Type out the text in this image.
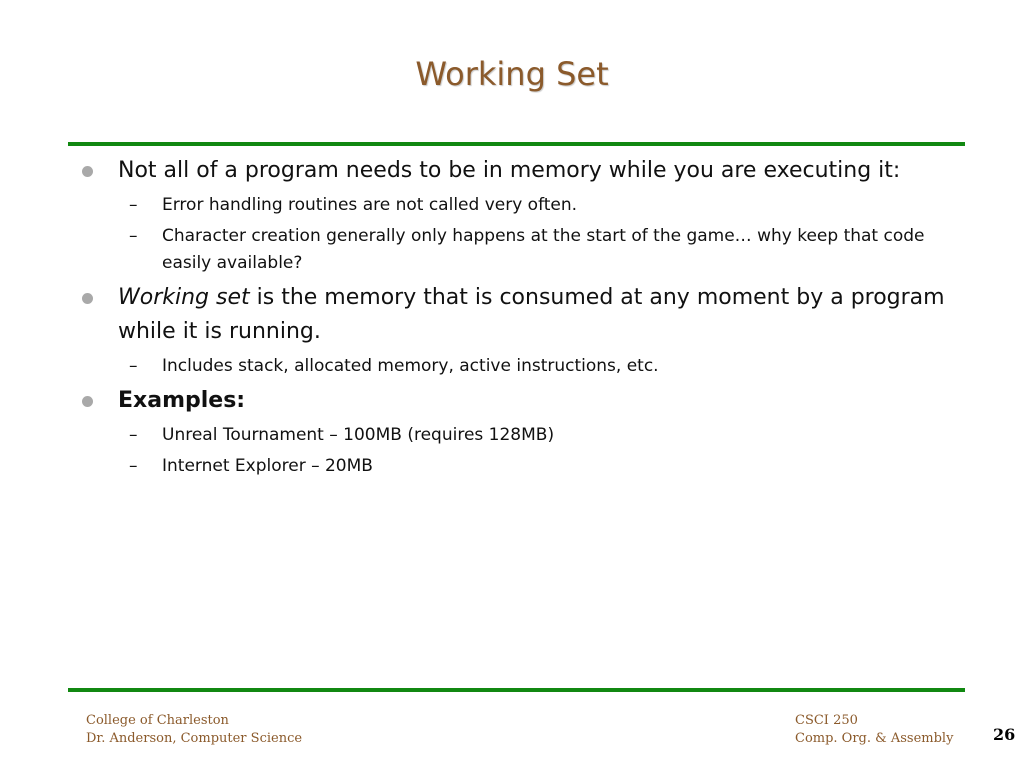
Working Set
Not all of a program needs to be in memory while you are executing it:
– Error handling routines are not called very often.
– Character creation generally only happens at the start of the game… why keep that code easily available?
Working set is the memory that is consumed at any moment by a program while it is running.
– Includes stack, allocated memory, active instructions, etc.
Examples:
– Unreal Tournament – 100MB (requires 128MB)
– Internet Explorer – 20MB
College of Charleston
Dr. Anderson, Computer Science
CSCI 250
Comp. Org. & Assembly 26
